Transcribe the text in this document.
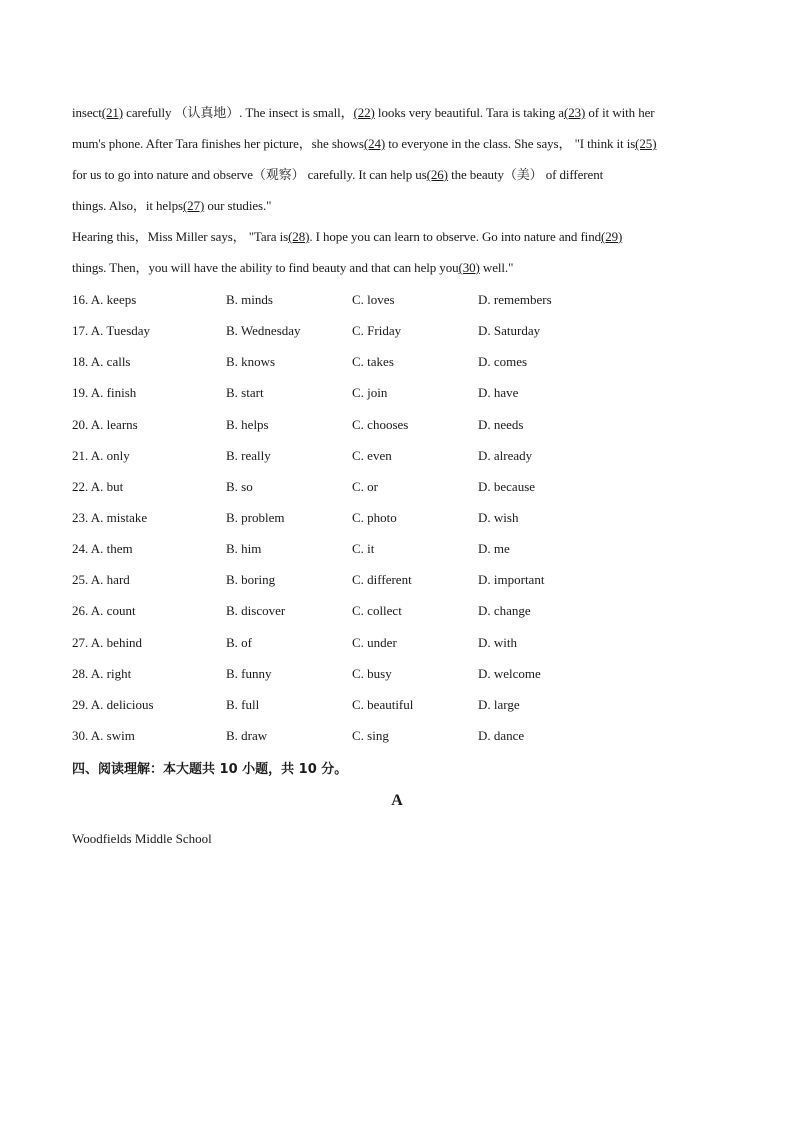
insect(21) carefully （认真地）. The insect is small，(22) looks very beautiful. Tara is taking a(23) of it with her
mum's phone. After Tara finishes her picture，she shows(24) to everyone in the class. She says， "I think it is(25)
for us to go into nature and observe（观察） carefully. It can help us(26) the beauty（美） of different
things. Also，it helps(27) our studies."
Hearing this，Miss Miller says， "Tara is(28). I hope you can learn to observe. Go into nature and find(29)
things. Then，you will have the ability to find beauty and that can help you(30) well."
16. A. keeps	B. minds	C. loves	D. remembers
17. A. Tuesday	B. Wednesday	C. Friday	D. Saturday
18. A. calls	B. knows	C. takes	D. comes
19. A. finish	B. start	C. join	D. have
20. A. learns	B. helps	C. chooses	D. needs
21. A. only	B. really	C. even	D. already
22. A. but	B. so	C. or	D. because
23. A. mistake	B. problem	C. photo	D. wish
24. A. them	B. him	C. it	D. me
25. A. hard	B. boring	C. different	D. important
26. A. count	B. discover	C. collect	D. change
27. A. behind	B. of	C. under	D. with
28. A. right	B. funny	C. busy	D. welcome
29. A. delicious	B. full	C. beautiful	D. large
30. A. swim	B. draw	C. sing	D. dance
四、阅读理解：本大题共 10 小题，共 10 分。
A
Woodfields Middle School
